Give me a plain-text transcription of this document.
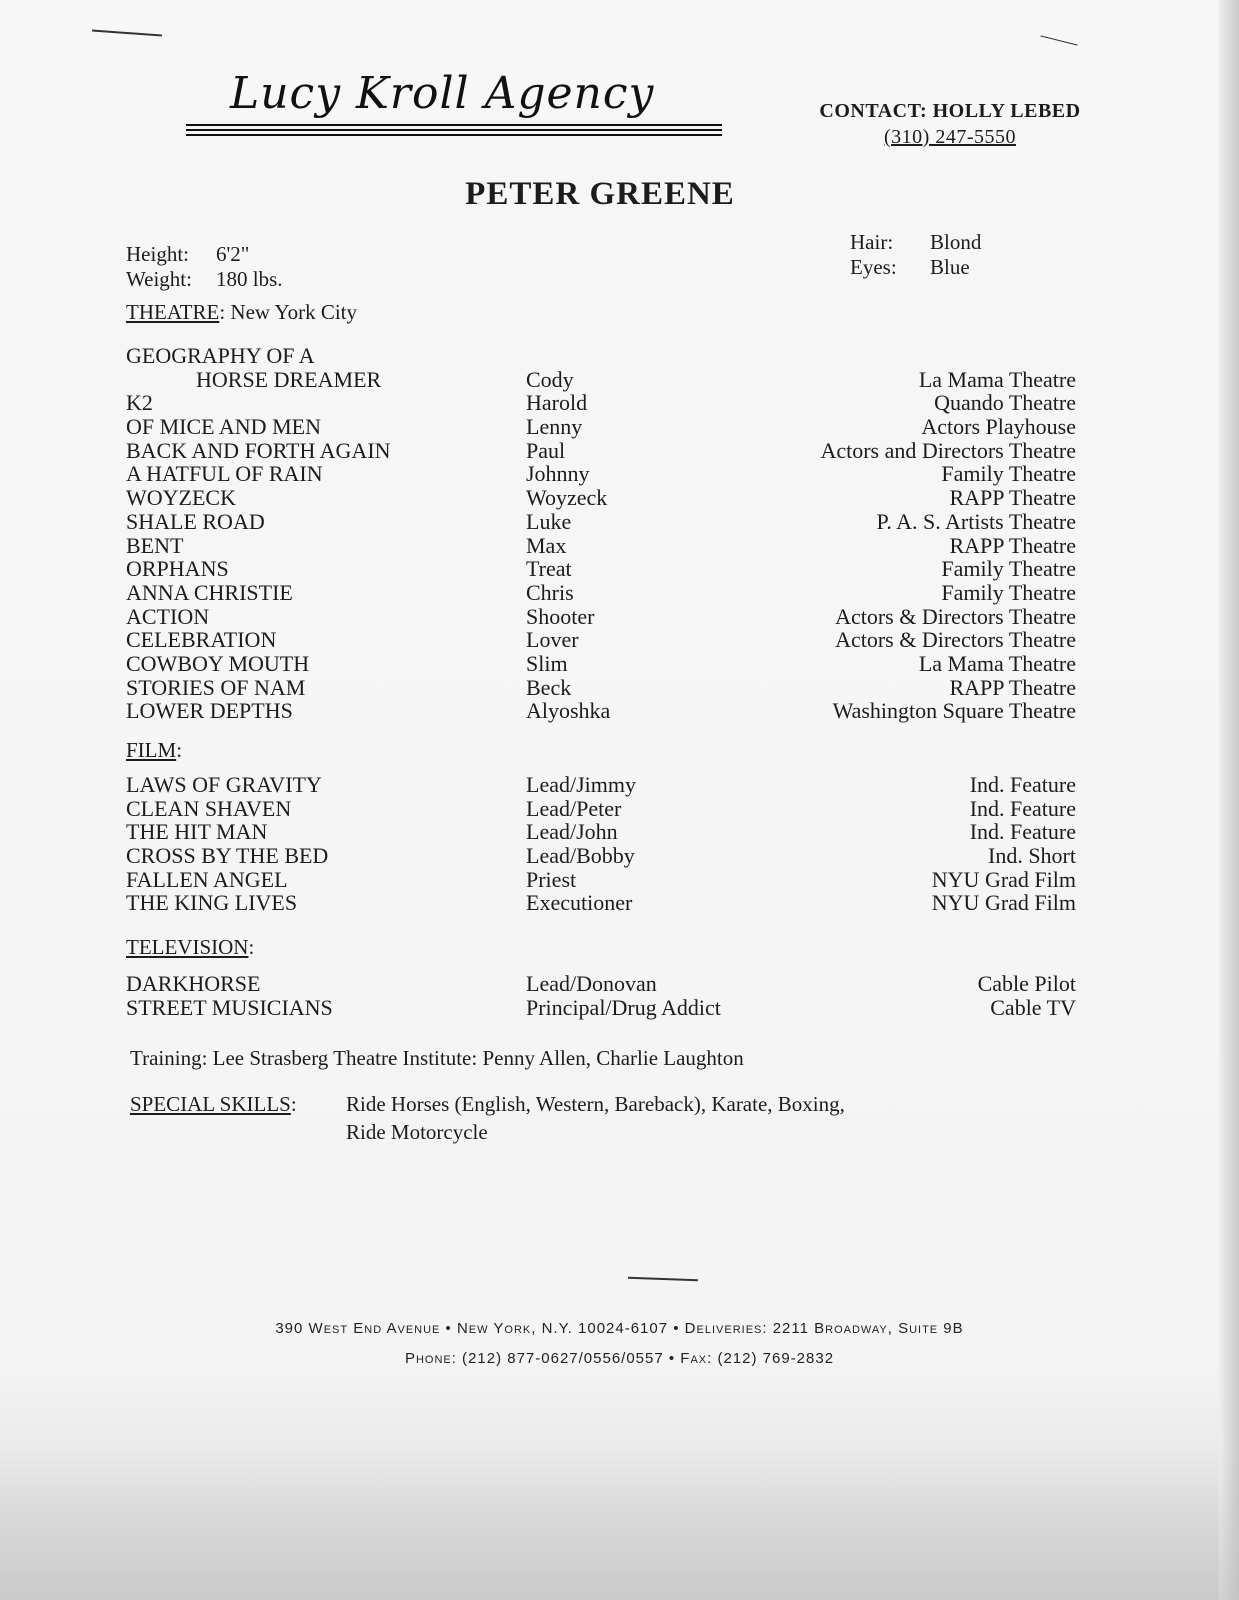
Lucy Kroll Agency	CONTACT: HOLLY LEBED
(310) 247-5550
PETER GREENE
Height: 6'2"
Weight: 180 lbs.
Hair: Blond
Eyes: Blue
THEATRE: New York City
GEOGRAPHY OF A
HORSE DREAMER	Cody	La Mama Theatre
K2	Harold	Quando Theatre
OF MICE AND MEN	Lenny	Actors Playhouse
BACK AND FORTH AGAIN	Paul	Actors and Directors Theatre
A HATFUL OF RAIN	Johnny	Family Theatre
WOYZECK	Woyzeck	RAPP Theatre
SHALE ROAD	Luke	P. A. S. Artists Theatre
BENT	Max	RAPP Theatre
ORPHANS	Treat	Family Theatre
ANNA CHRISTIE	Chris	Family Theatre
ACTION	Shooter	Actors & Directors Theatre
CELEBRATION	Lover	Actors & Directors Theatre
COWBOY MOUTH	Slim	La Mama Theatre
STORIES OF NAM	Beck	RAPP Theatre
LOWER DEPTHS	Alyoshka	Washington Square Theatre
FILM:
LAWS OF GRAVITY	Lead/Jimmy	Ind. Feature
CLEAN SHAVEN	Lead/Peter	Ind. Feature
THE HIT MAN	Lead/John	Ind. Feature
CROSS BY THE BED	Lead/Bobby	Ind. Short
FALLEN ANGEL	Priest	NYU Grad Film
THE KING LIVES	Executioner	NYU Grad Film
TELEVISION:
DARKHORSE	Lead/Donovan	Cable Pilot
STREET MUSICIANS	Principal/Drug Addict	Cable TV
Training: Lee Strasberg Theatre Institute: Penny Allen, Charlie Laughton
SPECIAL SKILLS: Ride Horses (English, Western, Bareback), Karate, Boxing,
Ride Motorcycle
390 West End Avenue • New York, N.Y. 10024-6107 • Deliveries: 2211 Broadway, Suite 9B
Phone: (212) 877-0627/0556/0557 • Fax: (212) 769-2832
